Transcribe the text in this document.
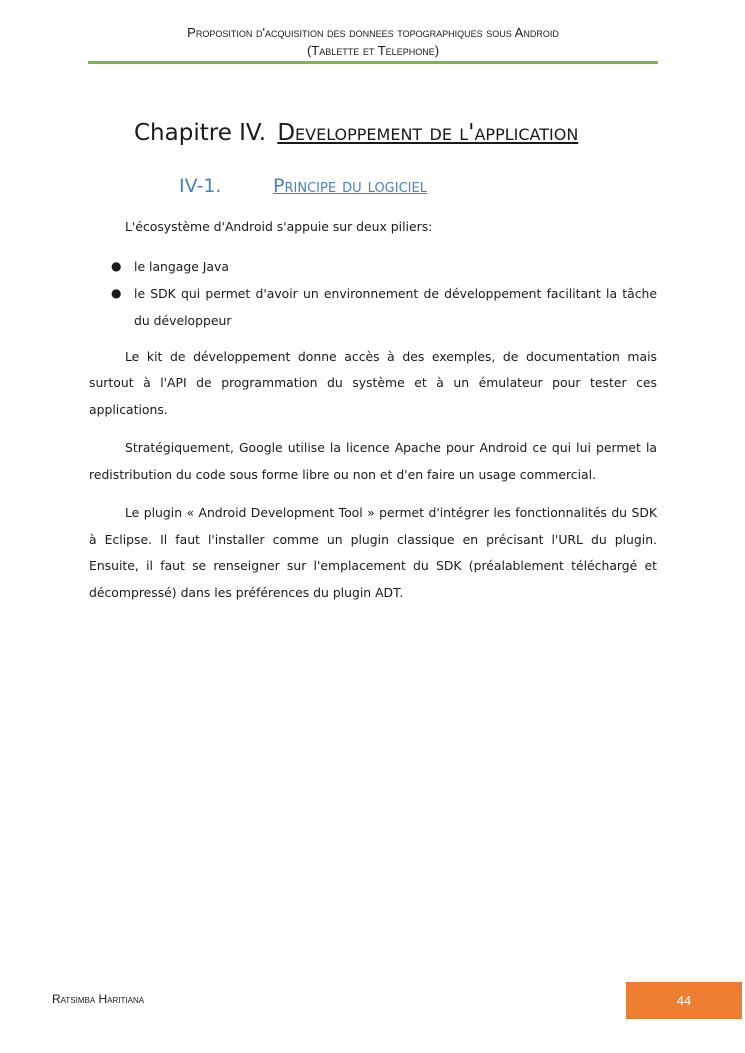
Proposition d'acquisition des donnees topographiques sous Android
(Tablette et Telephone)
Chapitre IV. Developpement de l'application
IV-1.	Principe du logiciel

L'écosystème d'Android s'appuie sur deux piliers:

● le langage Java
● le SDK qui permet d'avoir un environnement de développement facilitant la tâche du développeur

Le kit de développement donne accès à des exemples, de documentation mais surtout à l'API de programmation du système et à un émulateur pour tester ces applications.

Stratégiquement, Google utilise la licence Apache pour Android ce qui lui permet la redistribution du code sous forme libre ou non et d'en faire un usage commercial.

Le plugin « Android Development Tool » permet d'intégrer les fonctionnalités du SDK à Eclipse. Il faut l'installer comme un plugin classique en précisant l'URL du plugin. Ensuite, il faut se renseigner sur l'emplacement du SDK (préalablement téléchargé et décompressé) dans les préférences du plugin ADT.

Ratsimba Haritiana	44
